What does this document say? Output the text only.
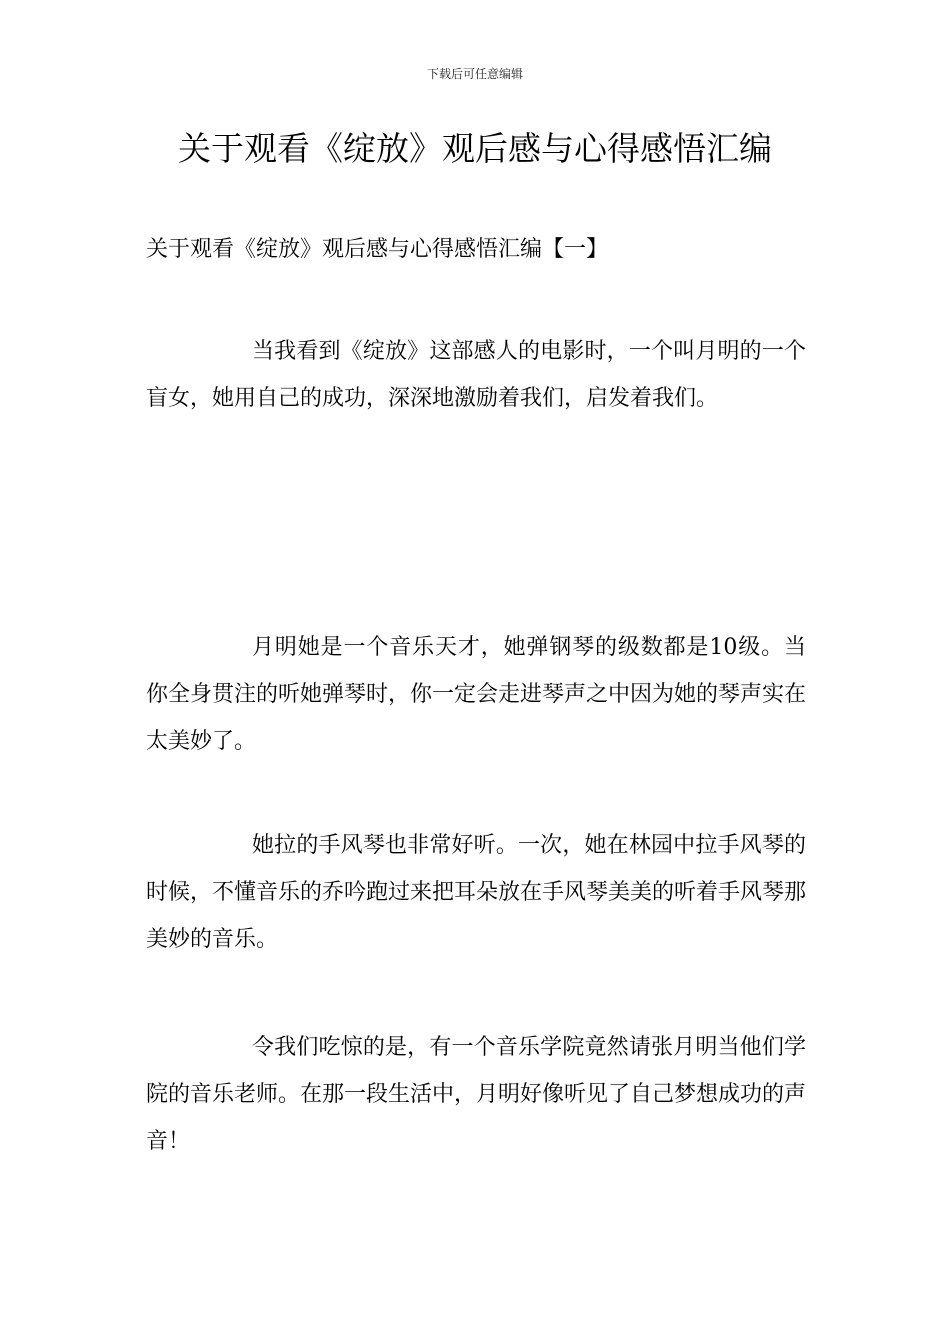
下载后可任意编辑
关于观看《绽放》观后感与心得感悟汇编
关于观看《绽放》观后感与心得感悟汇编【一】

当我看到《绽放》这部感人的电影时，一个叫月明的一个盲女，她用自己的成功，深深地激励着我们，启发着我们。

月明她是一个音乐天才，她弹钢琴的级数都是10级。当你全身贯注的听她弹琴时，你一定会走进琴声之中因为她的琴声实在太美妙了。

她拉的手风琴也非常好听。一次，她在林园中拉手风琴的时候，不懂音乐的乔吟跑过来把耳朵放在手风琴美美的听着手风琴那美妙的音乐。

令我们吃惊的是，有一个音乐学院竟然请张月明当他们学院的音乐老师。在那一段生活中，月明好像听见了自己梦想成功的声音！
